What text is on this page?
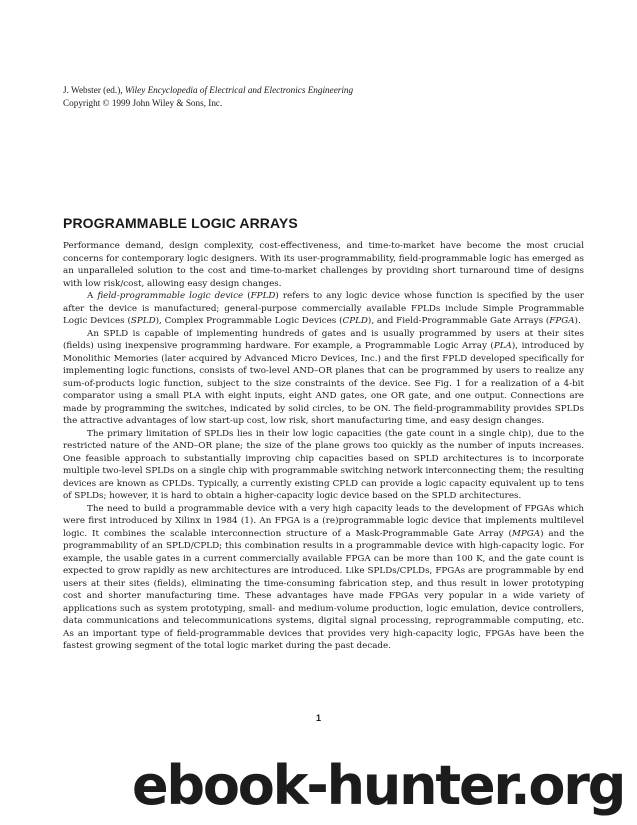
J. Webster (ed.), Wiley Encyclopedia of Electrical and Electronics Engineering
Copyright © 1999 John Wiley & Sons, Inc.
PROGRAMMABLE LOGIC ARRAYS

Performance demand, design complexity, cost-effectiveness, and time-to-market have become the most crucial concerns for contemporary logic designers. With its user-programmability, field-programmable logic has emerged as an unparalleled solution to the cost and time-to-market challenges by providing short turnaround time of designs with low risk/cost, allowing easy design changes.

A field-programmable logic device (FPLD) refers to any logic device whose function is specified by the user after the device is manufactured; general-purpose commercially available FPLDs include Simple Programmable Logic Devices (SPLD), Complex Programmable Logic Devices (CPLD), and Field-Programmable Gate Arrays (FPGA).

An SPLD is capable of implementing hundreds of gates and is usually programmed by users at their sites (fields) using inexpensive programming hardware. For example, a Programmable Logic Array (PLA), introduced by Monolithic Memories (later acquired by Advanced Micro Devices, Inc.) and the first FPLD developed specifically for implementing logic functions, consists of two-level AND–OR planes that can be programmed by users to realize any sum-of-products logic function, subject to the size constraints of the device. See Fig. 1 for a realization of a 4-bit comparator using a small PLA with eight inputs, eight AND gates, one OR gate, and one output. Connections are made by programming the switches, indicated by solid circles, to be ON. The field-programmability provides SPLDs the attractive advantages of low start-up cost, low risk, short manufacturing time, and easy design changes.

The primary limitation of SPLDs lies in their low logic capacities (the gate count in a single chip), due to the restricted nature of the AND–OR plane; the size of the plane grows too quickly as the number of inputs increases. One feasible approach to substantially improving chip capacities based on SPLD architectures is to incorporate multiple two-level SPLDs on a single chip with programmable switching network interconnecting them; the resulting devices are known as CPLDs. Typically, a currently existing CPLD can provide a logic capacity equivalent up to tens of SPLDs; however, it is hard to obtain a higher-capacity logic device based on the SPLD architectures.

The need to build a programmable device with a very high capacity leads to the development of FPGAs which were first introduced by Xilinx in 1984 (1). An FPGA is a (re)programmable logic device that implements multilevel logic. It combines the scalable interconnection structure of a Mask-Programmable Gate Array (MPGA) and the programmability of an SPLD/CPLD; this combination results in a programmable device with high-capacity logic. For example, the usable gates in a current commercially available FPGA can be more than 100 K, and the gate count is expected to grow rapidly as new architectures are introduced. Like SPLDs/CPLDs, FPGAs are programmable by end users at their sites (fields), eliminating the time-consuming fabrication step, and thus result in lower prototyping cost and shorter manufacturing time. These advantages have made FPGAs very popular in a wide variety of applications such as system prototyping, small- and medium-volume production, logic emulation, device controllers, data communications and telecommunications systems, digital signal processing, reprogrammable computing, etc. As an important type of field-programmable devices that provides very high-capacity logic, FPGAs have been the fastest growing segment of the total logic market during the past decade.

1
ebook-hunter.org
